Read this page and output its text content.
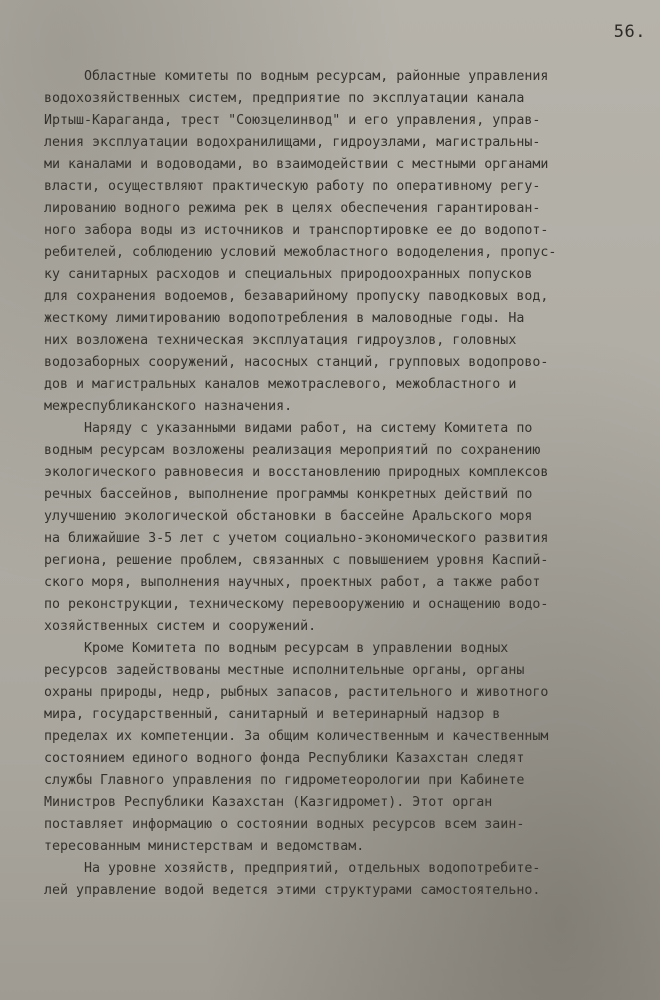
56.
Областные комитеты по водным ресурсам, районные управления
водохозяйственных систем, предприятие по эксплуатации канала
Иртыш-Караганда, трест "Союзцелинвод" и его управления, управ-
ления эксплуатации водохранилищами, гидроузлами, магистральны-
ми каналами и водоводами, во взаимодействии с местными органами
власти, осуществляют практическую работу по оперативному регу-
лированию водного режима рек в целях обеспечения гарантирован-
ного забора воды из источников и транспортировке ее до водопот-
ребителей, соблюдению условий межобластного вододеления, пропус-
ку санитарных расходов и специальных природоохранных попусков
для сохранения водоемов, безаварийному пропуску паводковых вод,
жесткому лимитированию водопотребления в маловодные годы. На
них возложена техническая эксплуатация гидроузлов, головных
водозаборных сооружений, насосных станций, групповых водопрово-
дов и магистральных каналов межотраслевого, межобластного и
межреспубликанского назначения.
Наряду с указанными видами работ, на систему Комитета по
водным ресурсам возложены реализация мероприятий по сохранению
экологического равновесия и восстановлению природных комплексов
речных бассейнов, выполнение программы конкретных действий по
улучшению экологической обстановки в бассейне Аральского моря
на ближайшие 3-5 лет с учетом социально-экономического развития
региона, решение проблем, связанных с повышением уровня Каспий-
ского моря, выполнения научных, проектных работ, а также работ
по реконструкции, техническому перевооружению и оснащению водо-
хозяйственных систем и сооружений.
Кроме Комитета по водным ресурсам в управлении водных
ресурсов задействованы местные исполнительные органы, органы
охраны природы, недр, рыбных запасов, растительного и животного
мира, государственный, санитарный и ветеринарный надзор в
пределах их компетенции. За общим количественным и качественным
состоянием единого водного фонда Республики Казахстан следят
службы Главного управления по гидрометеорологии при Кабинете
Министров Республики Казахстан (Казгидромет). Этот орган
поставляет информацию о состоянии водных ресурсов всем заин-
тересованным министерствам и ведомствам.
На уровне хозяйств, предприятий, отдельных водопотребите-
лей управление водой ведется этими структурами самостоятельно.
